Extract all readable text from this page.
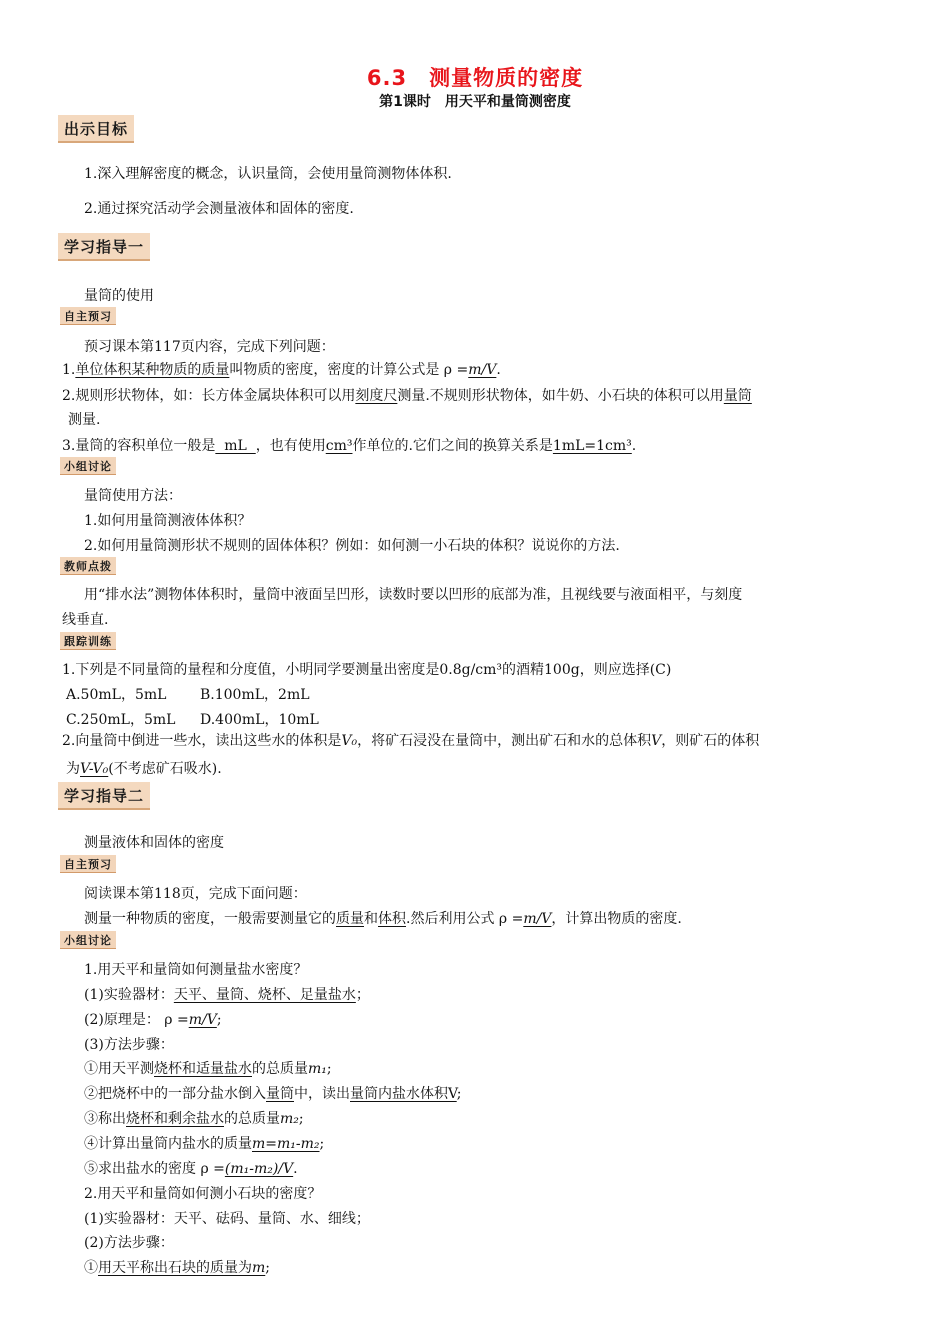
6.3　测量物质的密度
第1课时　用天平和量筒测密度
出示目标
1.深入理解密度的概念，认识量筒，会使用量筒测物体体积.
2.通过探究活动学会测量液体和固体的密度.
学习指导一
量筒的使用
自主预习
预习课本第117页内容，完成下列问题：
1.单位体积某种物质的质量叫物质的密度，密度的计算公式是 ρ =m/V.
2.规则形状物体，如：长方体金属块体积可以用刻度尺测量.不规则形状物体，如牛奶、小石块的体积可以用量筒
测量.
3.量筒的容积单位一般是  mL  ，也有使用cm³作单位的.它们之间的换算关系是1mL=1cm³.
小组讨论
量筒使用方法：
1.如何用量筒测液体体积？
2.如何用量筒测形状不规则的固体体积？例如：如何测一小石块的体积？说说你的方法.
教师点拨
用“排水法”测物体体积时，量筒中液面呈凹形，读数时要以凹形的底部为准，且视线要与液面相平，与刻度
线垂直.
跟踪训练
1.下列是不同量筒的量程和分度值，小明同学要测量出密度是0.8g/cm³的酒精100g，则应选择(C)
A.50mL，5mL B.100mL，2mL
C.250mL，5mL D.400mL，10mL
2.向量筒中倒进一些水，读出这些水的体积是V₀，将矿石浸没在量筒中，测出矿石和水的总体积V，则矿石的体积
为V-V₀(不考虑矿石吸水).
学习指导二
测量液体和固体的密度
自主预习
阅读课本第118页，完成下面问题：
测量一种物质的密度，一般需要测量它的质量和体积.然后利用公式 ρ =m/V，计算出物质的密度.
小组讨论
1.用天平和量筒如何测量盐水密度？
(1)实验器材：天平、量筒、烧杯、足量盐水；
(2)原理是： ρ =m/V;
(3)方法步骤：
①用天平测烧杯和适量盐水的总质量m₁;
②把烧杯中的一部分盐水倒入量筒中，读出量筒内盐水体积V;
③称出烧杯和剩余盐水的总质量m₂;
④计算出量筒内盐水的质量m=m₁-m₂;
⑤求出盐水的密度 ρ =(m₁-m₂)/V.
2.用天平和量筒如何测小石块的密度？
(1)实验器材：天平、砝码、量筒、水、细线；
(2)方法步骤：
①用天平称出石块的质量为m;
